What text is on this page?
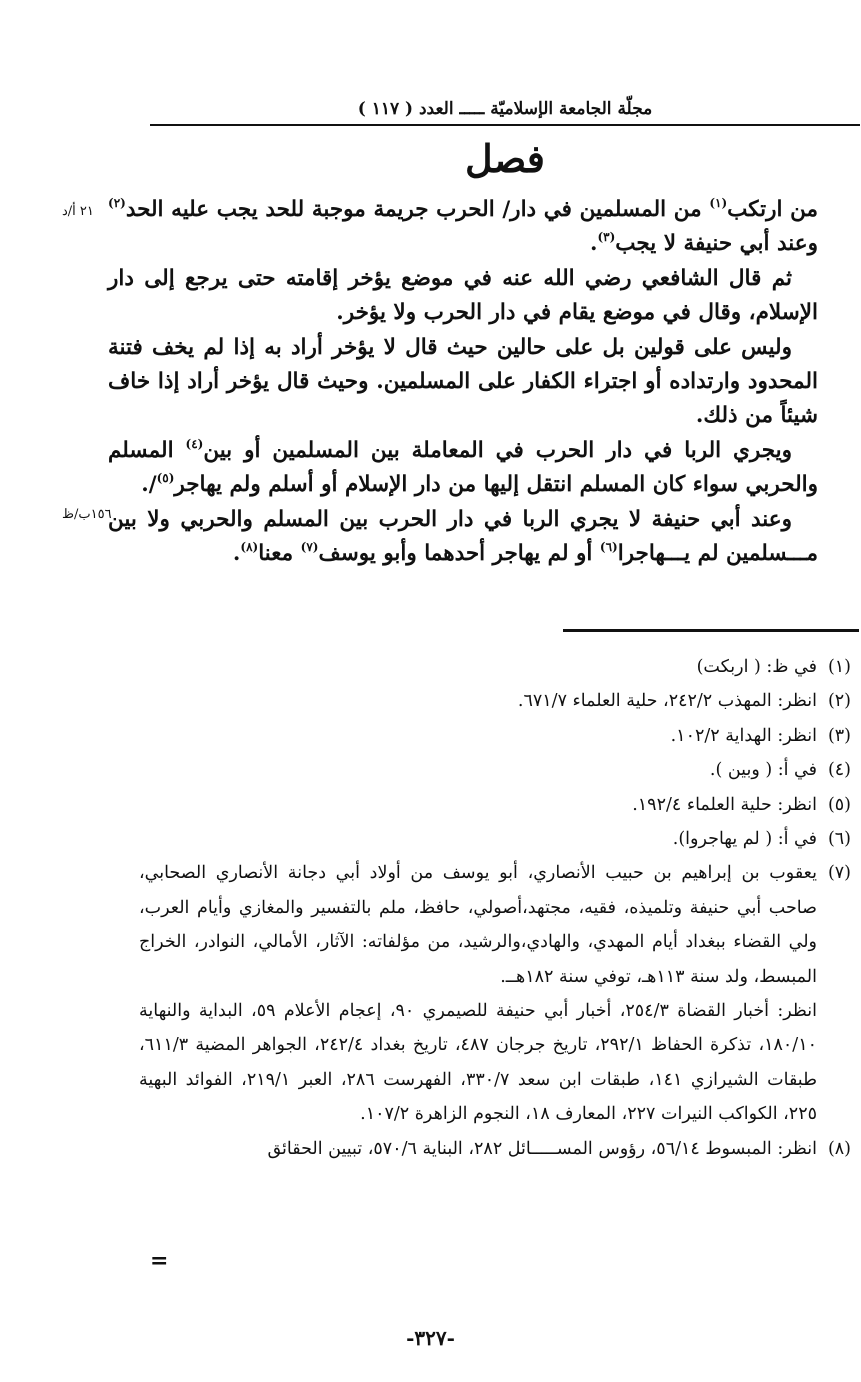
مجلّة الجامعة الإسلاميّة ـــــ العدد ( ١١٧ )
فصل
٢١ أ/د
١٥٦ب/ظ

من ارتكب$^{(١)}$ من المسلمين في دار/ الحرب جريمة موجبة للحد يجب عليه الحد$^{(٢)}$ وعند أبي حنيفة لا يجب$^{(٣)}$.

ثم قال الشافعي رضي الله عنه في موضع يؤخر إقامته حتى يرجع إلى دار الإسلام، وقال في موضع يقام في دار الحرب ولا يؤخر.

وليس على قولين بل على حالين حيث قال لا يؤخر أراد به إذا لم يخف فتنة المحدود وارتداده أو اجتراء الكفار على المسلمين. وحيث قال يؤخر أراد إذا خاف شيئاً من ذلك.

ويجري الربا في دار الحرب في المعاملة بين المسلمين أو بين$^{(٤)}$ المسلم والحربي سواء كان المسلم انتقل إليها من دار الإسلام أو أسلم ولم يهاجر$^{(٥)}$/.

وعند أبي حنيفة لا يجري الربا في دار الحرب بين المسلم والحربي ولا بين مـــسلمين لم يـــهاجرا$^{(٦)}$ أو لم يهاجر أحدهما وأبو يوسف$^{(٧)}$ معنا$^{(٨)}$.

(١)
في ظ: ( اربكت)

(٢)
انظر: المهذب ٢٤٢/٢، حلية العلماء ٦٧١/٧.

(٣)
انظر: الهداية ١٠٢/٢.

(٤)
في أ: ( وبين ).

(٥)
انظر: حلية العلماء ١٩٢/٤.

(٦)
في أ: ( لم يهاجروا).

(٧)
يعقوب بن إبراهيم بن حبيب الأنصاري، أبو يوسف من أولاد أبي دجانة الأنصاري الصحابي، صاحب أبي حنيفة وتلميذه، فقيه، مجتهد،أصولي، حافظ، ملم بالتفسير والمغازي وأيام العرب، ولي القضاء ببغداد أيام المهدي، والهادي،والرشيد، من مؤلفاته: الآثار، الأمالي، النوادر، الخراج المبسط، ولد سنة ١١٣هـ، توفي سنة ١٨٢هــ.

انظر: أخبار القضاة ٢٥٤/٣، أخبار أبي حنيفة للصيمري ٩٠، إعجام الأعلام ٥٩، البداية والنهاية ١٨٠/١٠، تذكرة الحفاظ ٢٩٢/١، تاريخ جرجان ٤٨٧، تاريخ بغداد ٢٤٢/٤، الجواهر المضية ٦١١/٣، طبقات الشيرازي ١٤١، طبقات ابن سعد ٣٣٠/٧، الفهرست ٢٨٦، العبر ٢١٩/١، الفوائد البهية ٢٢٥، الكواكب النيرات ٢٢٧، المعارف ١٨، النجوم الزاهرة ١٠٧/٢.

(٨)
انظر: المبسوط ٥٦/١٤، رؤوس المســـــائل ٢٨٢، البناية ٥٧٠/٦، تبيين الحقائق

=
-٣٢٧-
